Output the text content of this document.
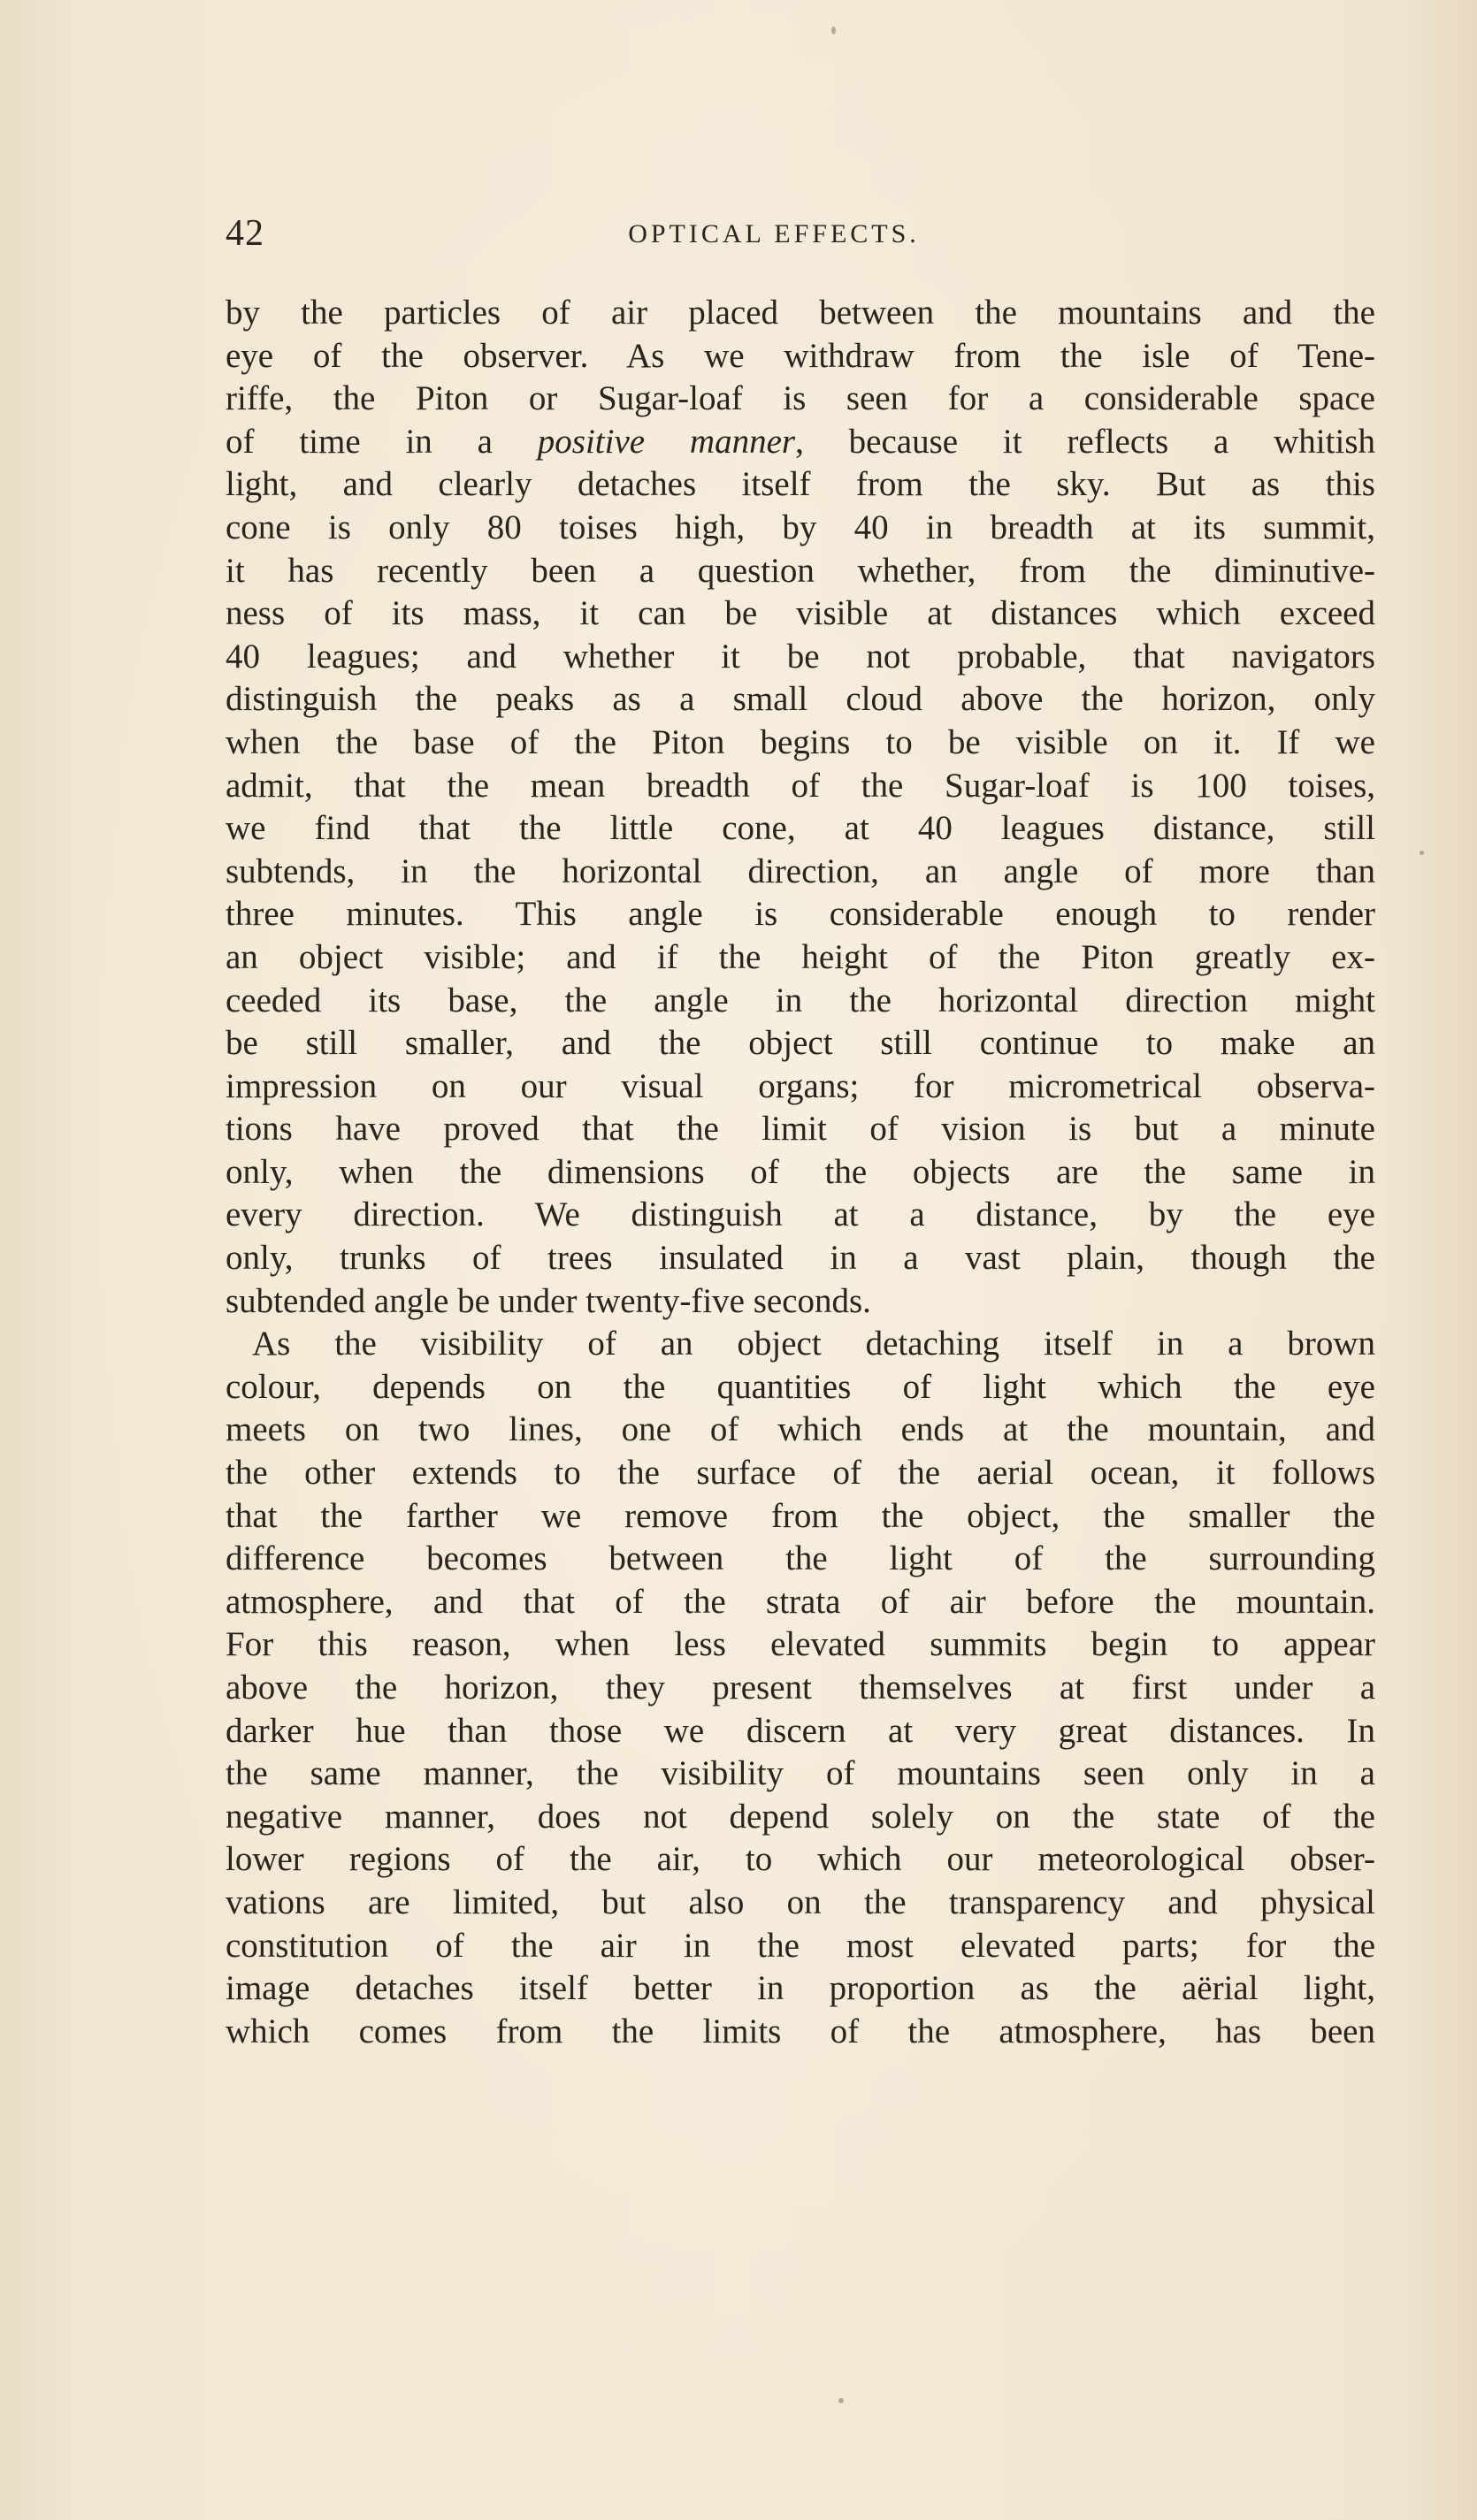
42	OPTICAL EFFECTS.
by the particles of air placed between the mountains and the
eye of the observer. As we withdraw from the isle of Tene-
riffe, the Piton or Sugar-loaf is seen for a considerable space
of time in a positive manner, because it reflects a whitish
light, and clearly detaches itself from the sky. But as this
cone is only 80 toises high, by 40 in breadth at its summit,
it has recently been a question whether, from the diminutive-
ness of its mass, it can be visible at distances which exceed
40 leagues; and whether it be not probable, that navigators
distinguish the peaks as a small cloud above the horizon, only
when the base of the Piton begins to be visible on it. If we
admit, that the mean breadth of the Sugar-loaf is 100 toises,
we find that the little cone, at 40 leagues distance, still
subtends, in the horizontal direction, an angle of more than
three minutes. This angle is considerable enough to render
an object visible; and if the height of the Piton greatly ex-
ceeded its base, the angle in the horizontal direction might
be still smaller, and the object still continue to make an
impression on our visual organs; for micrometrical observa-
tions have proved that the limit of vision is but a minute
only, when the dimensions of the objects are the same in
every direction. We distinguish at a distance, by the eye
only, trunks of trees insulated in a vast plain, though the
subtended angle be under twenty-five seconds.
As the visibility of an object detaching itself in a brown
colour, depends on the quantities of light which the eye
meets on two lines, one of which ends at the mountain, and
the other extends to the surface of the aerial ocean, it follows
that the farther we remove from the object, the smaller the
difference becomes between the light of the surrounding
atmosphere, and that of the strata of air before the mountain.
For this reason, when less elevated summits begin to appear
above the horizon, they present themselves at first under a
darker hue than those we discern at very great distances. In
the same manner, the visibility of mountains seen only in a
negative manner, does not depend solely on the state of the
lower regions of the air, to which our meteorological obser-
vations are limited, but also on the transparency and physical
constitution of the air in the most elevated parts; for the
image detaches itself better in proportion as the aërial light,
which comes from the limits of the atmosphere, has been
